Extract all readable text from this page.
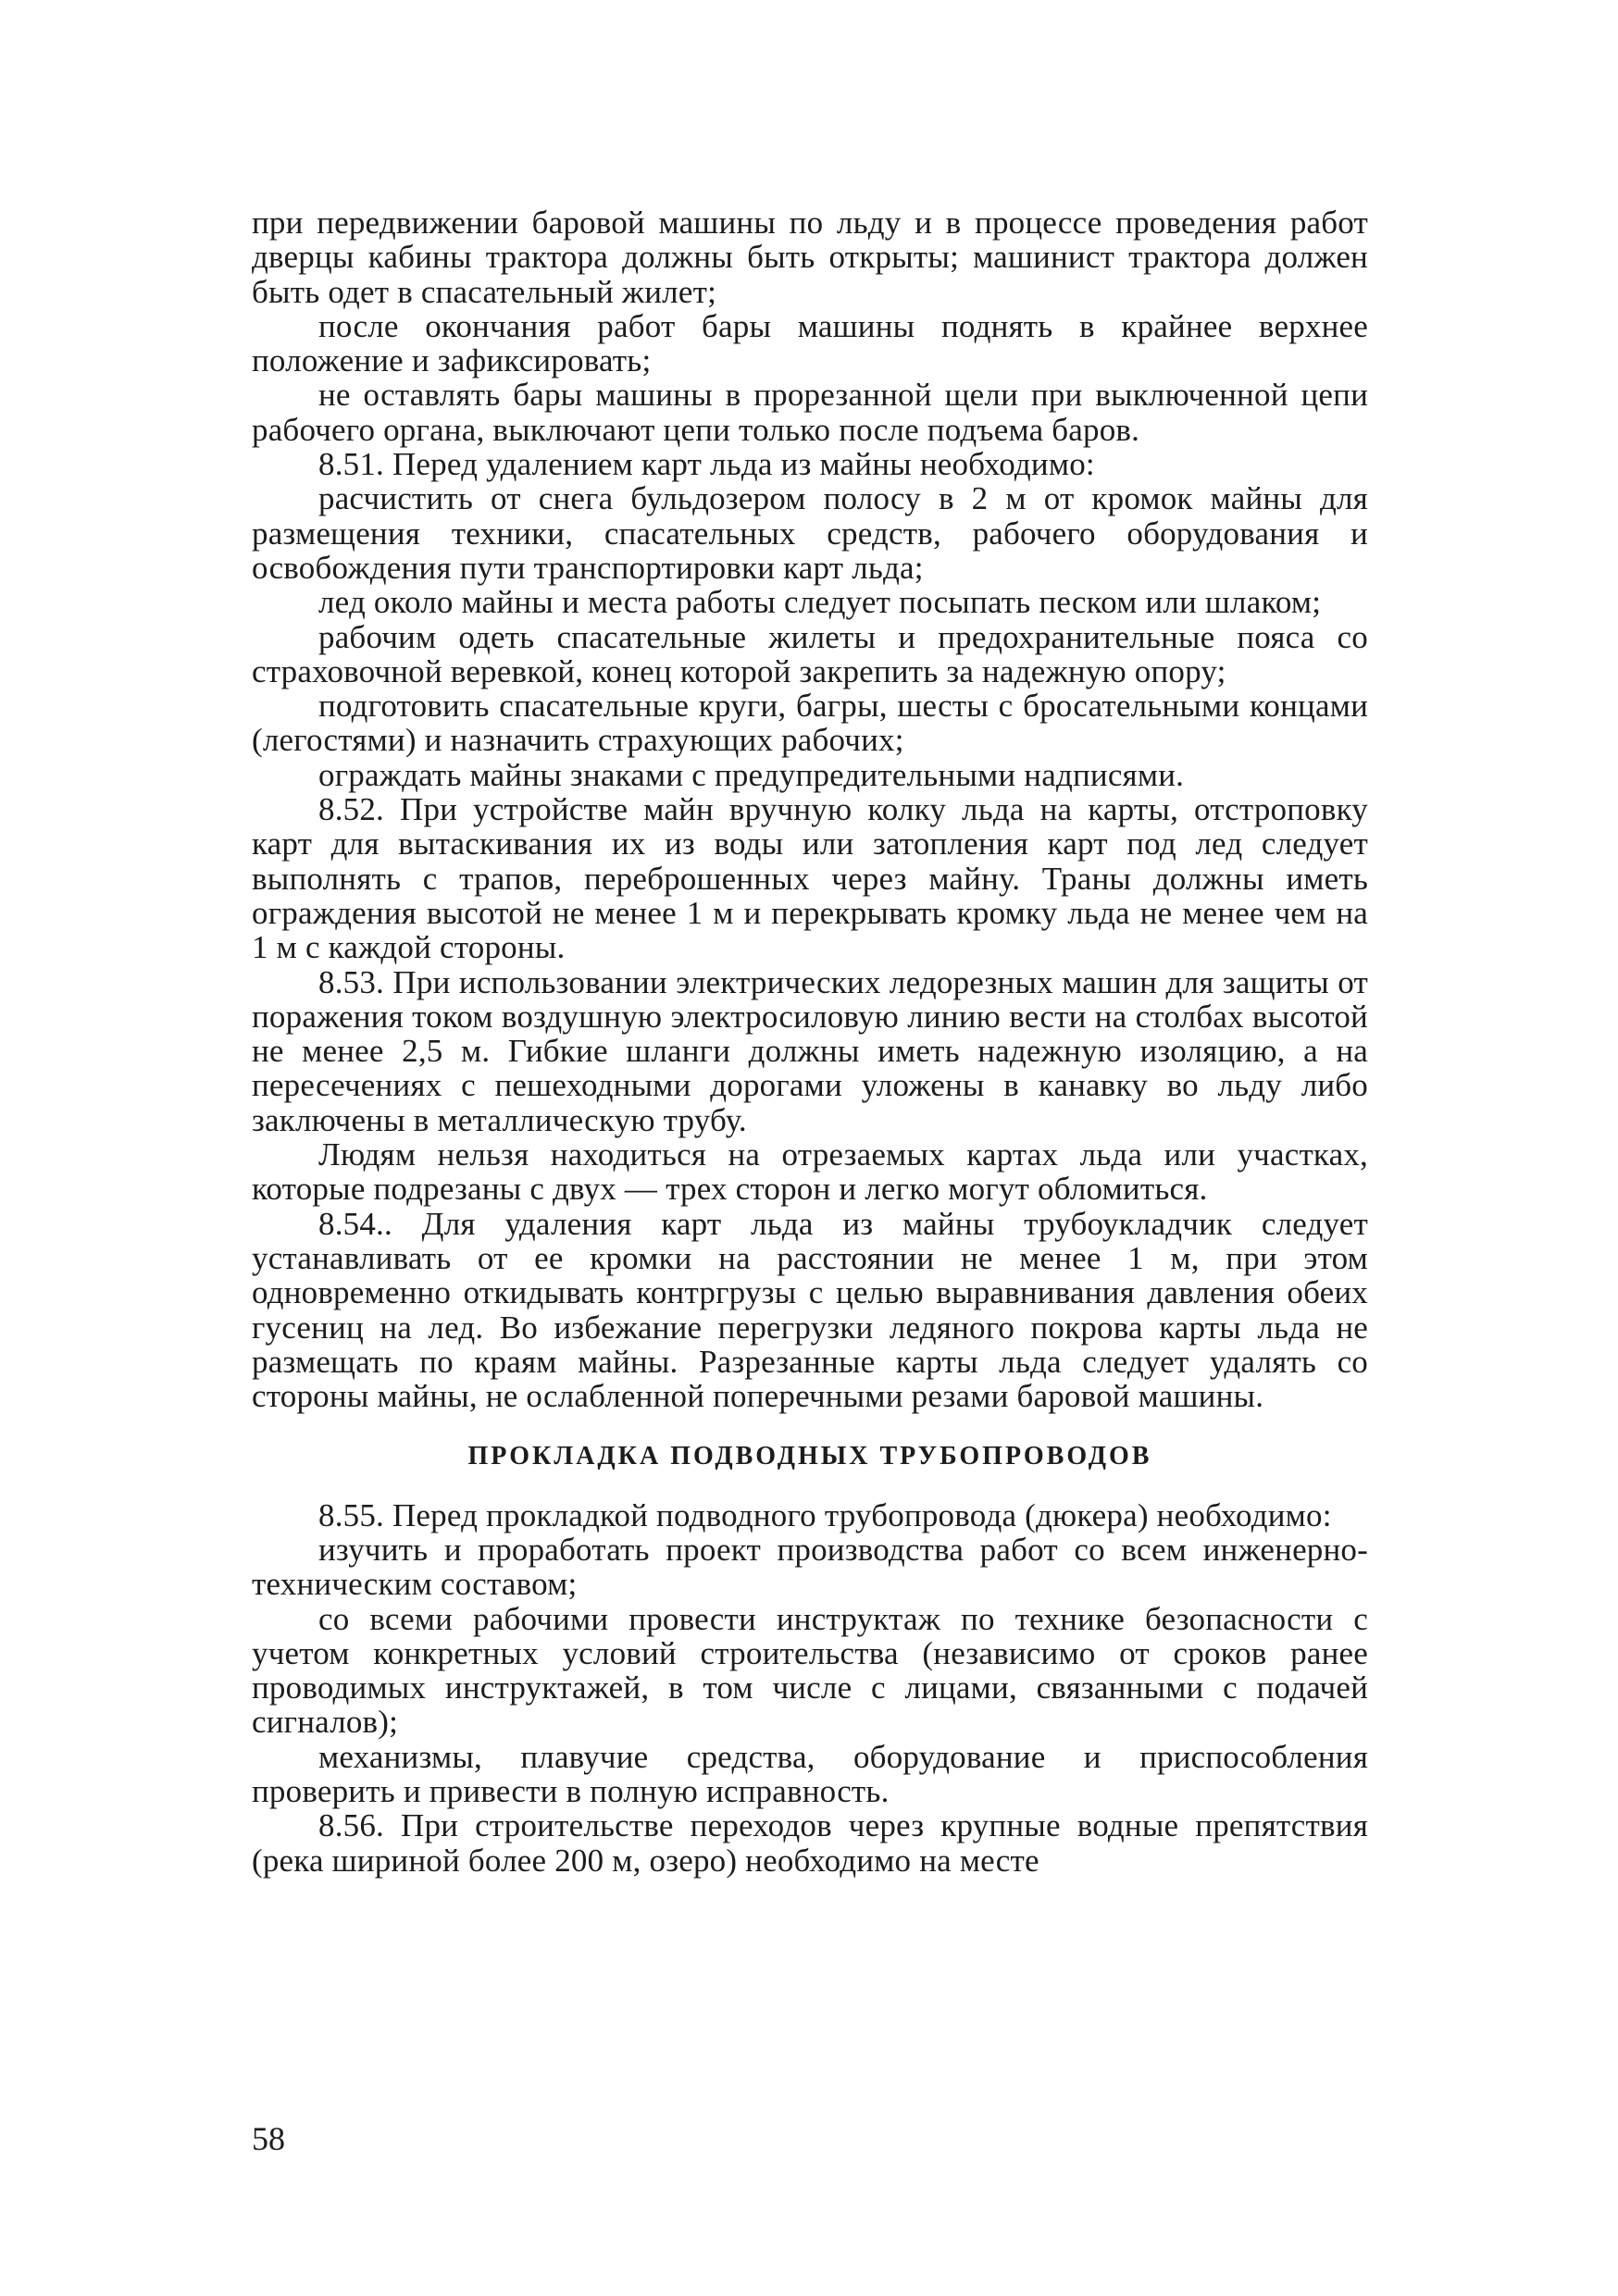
при передвижении баровой машины по льду и в процессе проведения работ дверцы кабины трактора должны быть открыты; машинист трактора должен быть одет в спасательный жилет;

после окончания работ бары машины поднять в крайнее верхнее положение и зафиксировать;

не оставлять бары машины в прорезанной щели при выключенной цепи рабочего органа, выключают цепи только после подъема баров.

8.51. Перед удалением карт льда из майны необходимо:

расчистить от снега бульдозером полосу в 2 м от кромок майны для размещения техники, спасательных средств, рабочего оборудования и освобождения пути транспортировки карт льда;

лед около майны и места работы следует посыпать песком или шлаком;

рабочим одеть спасательные жилеты и предохранительные пояса со страховочной веревкой, конец которой закрепить за надежную опору;

подготовить спасательные круги, багры, шесты с бросательными концами (легостями) и назначить страхующих рабочих;

ограждать майны знаками с предупредительными надписями.

8.52. При устройстве майн вручную колку льда на карты, отстроповку карт для вытаскивания их из воды или затопления карт под лед следует выполнять с трапов, переброшенных через майну. Траны должны иметь ограждения высотой не менее 1 м и перекрывать кромку льда не менее чем на 1 м с каждой стороны.

8.53. При использовании электрических ледорезных машин для защиты от поражения током воздушную электросиловую линию вести на столбах высотой не менее 2,5 м. Гибкие шланги должны иметь надежную изоляцию, а на пересечениях с пешеходными дорогами уложены в канавку во льду либо заключены в металлическую трубу.

Людям нельзя находиться на отрезаемых картах льда или участках, которые подрезаны с двух — трех сторон и легко могут обломиться.

8.54.. Для удаления карт льда из майны трубоукладчик следует устанавливать от ее кромки на расстоянии не менее 1 м, при этом одновременно откидывать контргрузы с целью выравнивания давления обеих гусениц на лед. Во избежание перегрузки ледяного покрова карты льда не размещать по краям майны. Разрезанные карты льда следует удалять со стороны майны, не ослабленной поперечными резами баровой машины.

ПРОКЛАДКА ПОДВОДНЫХ ТРУБОПРОВОДОВ

8.55. Перед прокладкой подводного трубопровода (дюкера) необходимо:

изучить и проработать проект производства работ со всем инженерно-техническим составом;

со всеми рабочими провести инструктаж по технике безопасности с учетом конкретных условий строительства (независимо от сроков ранее проводимых инструктажей, в том числе с лицами, связанными с подачей сигналов);

механизмы, плавучие средства, оборудование и приспособления проверить и привести в полную исправность.

8.56. При строительстве переходов через крупные водные препятствия (река шириной более 200 м, озеро) необходимо на месте

58
